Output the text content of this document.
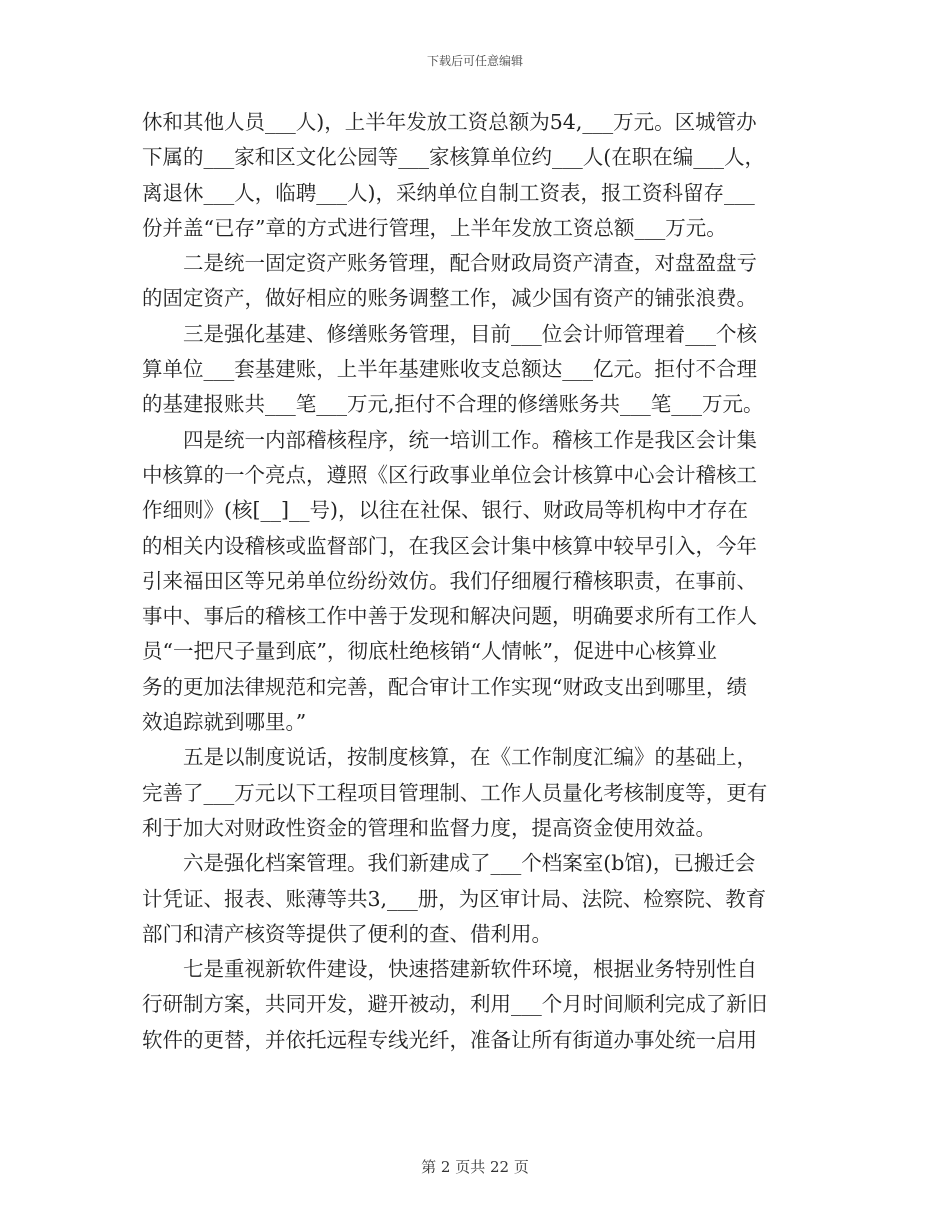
下载后可任意编辑
休和其他人员___人)，上半年发放工资总额为54,___万元。区城管办
下属的___家和区文化公园等___家核算单位约___人(在职在编___人，
离退休___人，临聘___人)，采纳单位自制工资表，报工资科留存___
份并盖“已存”章的方式进行管理，上半年发放工资总额___万元。
　　二是统一固定资产账务管理，配合财政局资产清查，对盘盈盘亏
的固定资产，做好相应的账务调整工作，减少国有资产的铺张浪费。
　　三是强化基建、修缮账务管理，目前___位会计师管理着___个核
算单位___套基建账，上半年基建账收支总额达___亿元。拒付不合理
的基建报账共___笔___万元,拒付不合理的修缮账务共___笔___万元。
　　四是统一内部稽核程序，统一培训工作。稽核工作是我区会计集
中核算的一个亮点，遵照《区行政事业单位会计核算中心会计稽核工
作细则》(核[__]__号)，以往在社保、银行、财政局等机构中才存在
的相关内设稽核或监督部门，在我区会计集中核算中较早引入，今年
引来福田区等兄弟单位纷纷效仿。我们仔细履行稽核职责，在事前、
事中、事后的稽核工作中善于发现和解决问题，明确要求所有工作人
员“一把尺子量到底”，彻底杜绝核销“人情帐”，促进中心核算业
务的更加法律规范和完善，配合审计工作实现“财政支出到哪里，绩
效追踪就到哪里。”
　　五是以制度说话，按制度核算，在《工作制度汇编》的基础上，
完善了___万元以下工程项目管理制、工作人员量化考核制度等，更有
利于加大对财政性资金的管理和监督力度，提高资金使用效益。
　　六是强化档案管理。我们新建成了___个档案室(b馆)，已搬迁会
计凭证、报表、账薄等共3,___册，为区审计局、法院、检察院、教育
部门和清产核资等提供了便利的查、借利用。
　　七是重视新软件建设，快速搭建新软件环境，根据业务特别性自
行研制方案，共同开发，避开被动，利用___个月时间顺利完成了新旧
软件的更替，并依托远程专线光纤，准备让所有街道办事处统一启用
第 2 页共 22 页
